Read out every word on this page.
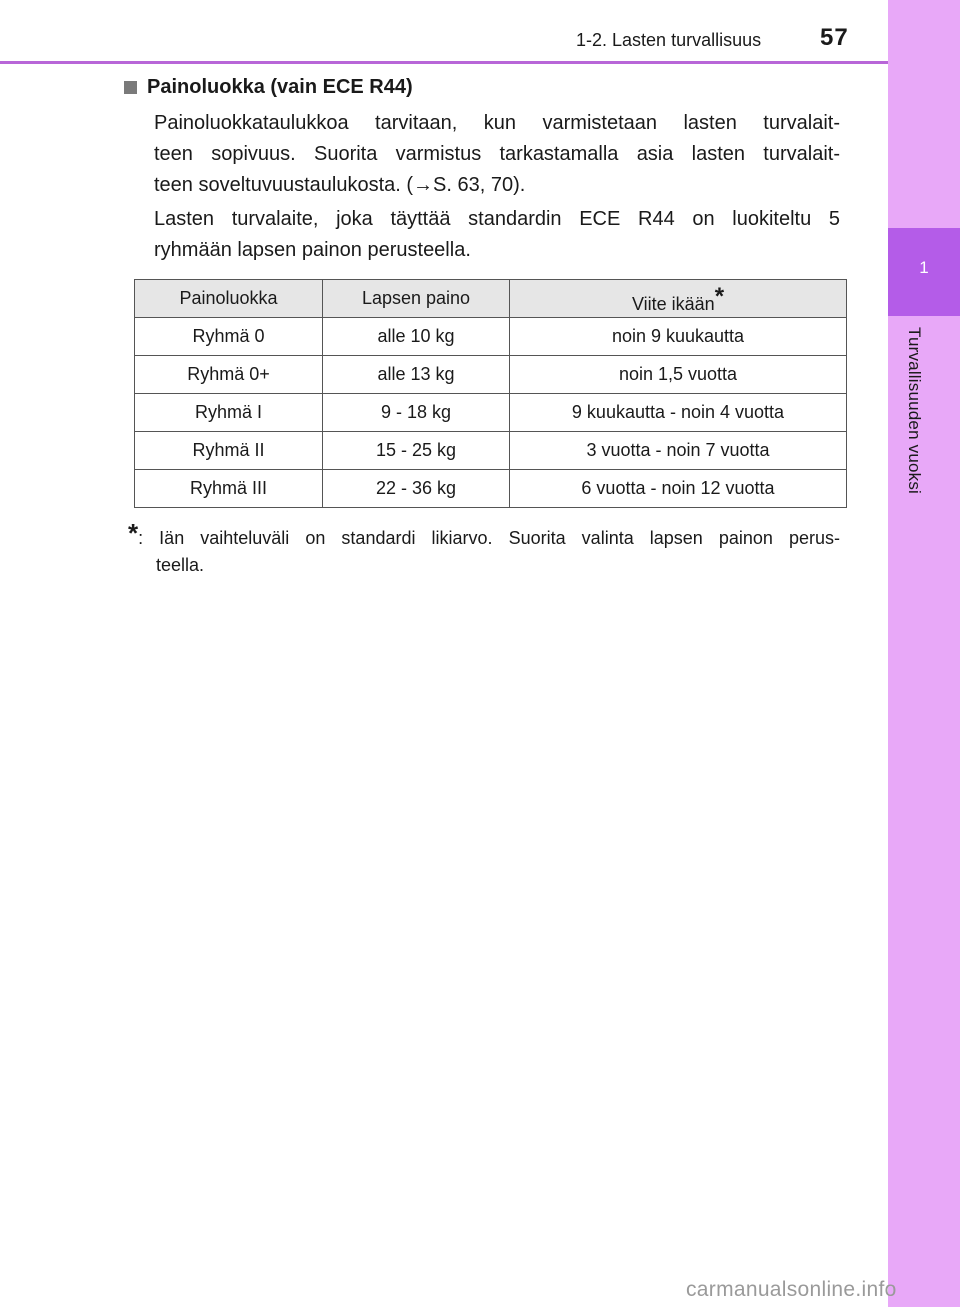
1-2. Lasten turvallisuus 57
1
Turvallisuuden vuoksi
Painoluokka (vain ECE R44)
Painoluokkataulukkoa tarvitaan, kun varmistetaan lasten turvalait-
teen sopivuus. Suorita varmistus tarkastamalla asia lasten turvalait-
teen soveltuvuustaulukosta. (→S. 63, 70).
Lasten turvalaite, joka täyttää standardin ECE R44 on luokiteltu 5
ryhmään lapsen painon perusteella.
Painoluokka	Lapsen paino	Viite ikään*
Ryhmä 0	alle 10 kg	noin 9 kuukautta
Ryhmä 0+	alle 13 kg	noin 1,5 vuotta
Ryhmä I	9 - 18 kg	9 kuukautta - noin 4 vuotta
Ryhmä II	15 - 25 kg	3 vuotta - noin 7 vuotta
Ryhmä III	22 - 36 kg	6 vuotta - noin 12 vuotta
*: Iän vaihteluväli on standardi likiarvo. Suorita valinta lapsen painon perus-
teella.
carmanualsonline.info
